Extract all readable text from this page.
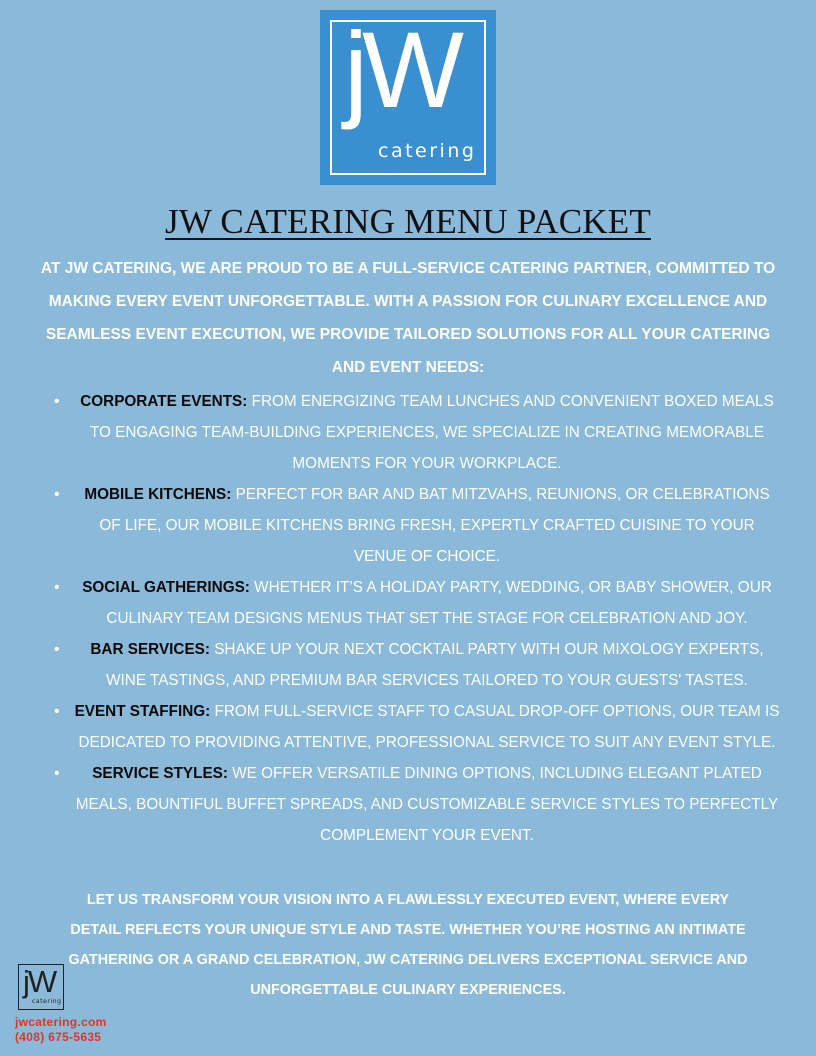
jW
catering
JW CATERING MENU PACKET
AT JW CATERING, WE ARE PROUD TO BE A FULL-SERVICE CATERING PARTNER, COMMITTED TO MAKING EVERY EVENT UNFORGETTABLE. WITH A PASSION FOR CULINARY EXCELLENCE AND SEAMLESS EVENT EXECUTION, WE PROVIDE TAILORED SOLUTIONS FOR ALL YOUR CATERING AND EVENT NEEDS:
• CORPORATE EVENTS: FROM ENERGIZING TEAM LUNCHES AND CONVENIENT BOXED MEALS TO ENGAGING TEAM-BUILDING EXPERIENCES, WE SPECIALIZE IN CREATING MEMORABLE MOMENTS FOR YOUR WORKPLACE.
• MOBILE KITCHENS: PERFECT FOR BAR AND BAT MITZVAHS, REUNIONS, OR CELEBRATIONS OF LIFE, OUR MOBILE KITCHENS BRING FRESH, EXPERTLY CRAFTED CUISINE TO YOUR VENUE OF CHOICE.
• SOCIAL GATHERINGS: WHETHER IT’S A HOLIDAY PARTY, WEDDING, OR BABY SHOWER, OUR CULINARY TEAM DESIGNS MENUS THAT SET THE STAGE FOR CELEBRATION AND JOY.
• BAR SERVICES: SHAKE UP YOUR NEXT COCKTAIL PARTY WITH OUR MIXOLOGY EXPERTS, WINE TASTINGS, AND PREMIUM BAR SERVICES TAILORED TO YOUR GUESTS' TASTES.
• EVENT STAFFING: FROM FULL-SERVICE STAFF TO CASUAL DROP-OFF OPTIONS, OUR TEAM IS DEDICATED TO PROVIDING ATTENTIVE, PROFESSIONAL SERVICE TO SUIT ANY EVENT STYLE.
• SERVICE STYLES: WE OFFER VERSATILE DINING OPTIONS, INCLUDING ELEGANT PLATED MEALS, BOUNTIFUL BUFFET SPREADS, AND CUSTOMIZABLE SERVICE STYLES TO PERFECTLY COMPLEMENT YOUR EVENT.
LET US TRANSFORM YOUR VISION INTO A FLAWLESSLY EXECUTED EVENT, WHERE EVERY DETAIL REFLECTS YOUR UNIQUE STYLE AND TASTE. WHETHER YOU’RE HOSTING AN INTIMATE GATHERING OR A GRAND CELEBRATION, JW CATERING DELIVERS EXCEPTIONAL SERVICE AND UNFORGETTABLE CULINARY EXPERIENCES.
jW
catering
jwcatering.com
(408) 675-5635
